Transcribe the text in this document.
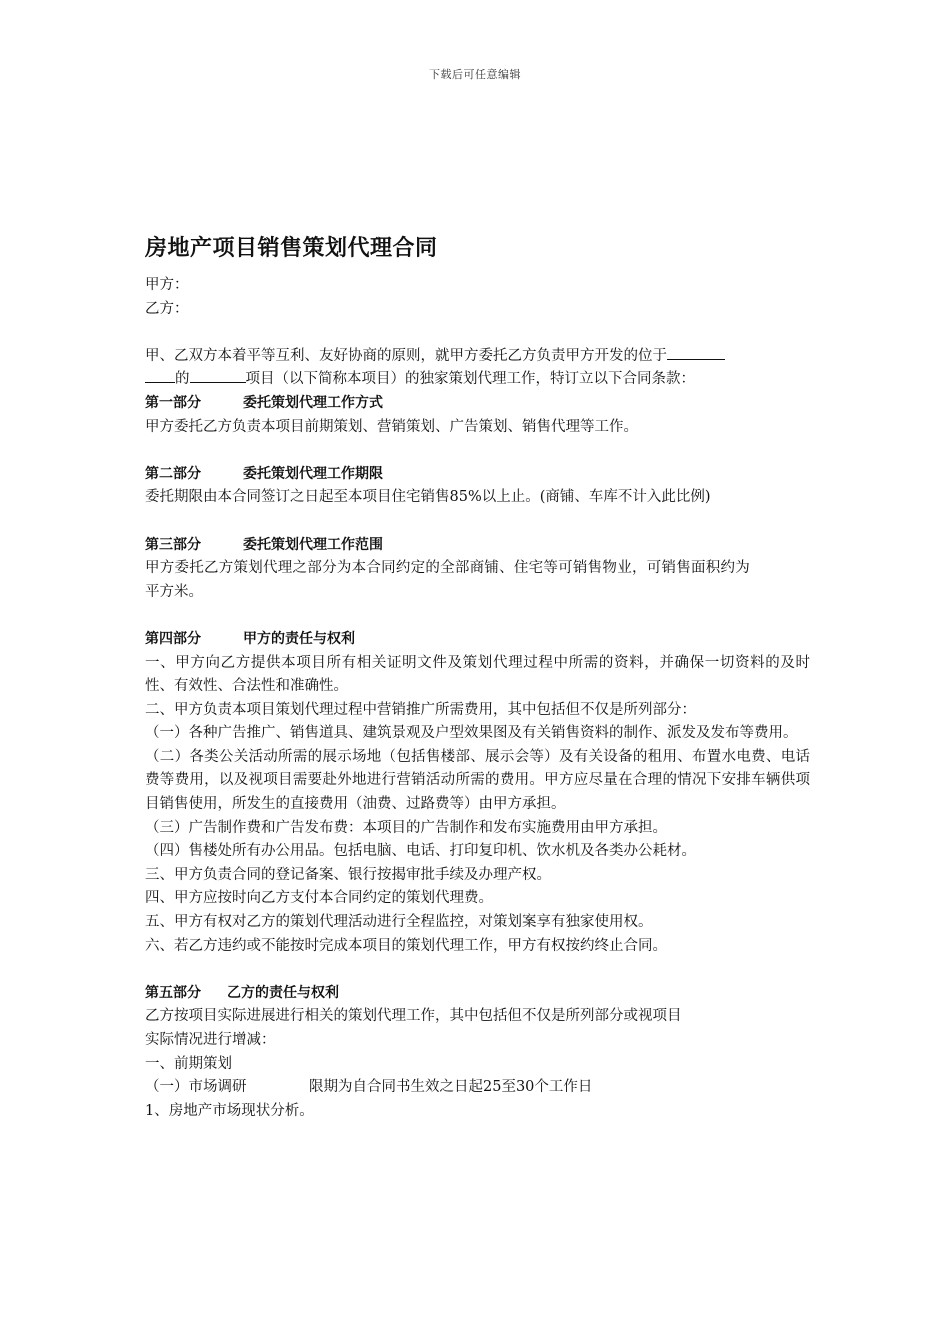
下载后可任意编辑
房地产项目销售策划代理合同
甲方：
乙方：
甲、乙双方本着平等互利、友好协商的原则，就甲方委托乙方负责甲方开发的位于
的	项目（以下简称本项目）的独家策划代理工作，特订立以下合同条款：
第一部分	委托策划代理工作方式
甲方委托乙方负责本项目前期策划、营销策划、广告策划、销售代理等工作。
第二部分	委托策划代理工作期限
委托期限由本合同签订之日起至本项目住宅销售85%以上止。(商铺、车库不计入此比例)
第三部分	委托策划代理工作范围
甲方委托乙方策划代理之部分为本合同约定的全部商铺、住宅等可销售物业，可销售面积约为平方米。
第四部分	甲方的责任与权利
一、甲方向乙方提供本项目所有相关证明文件及策划代理过程中所需的资料，并确保一切资料的及时性、有效性、合法性和准确性。
二、甲方负责本项目策划代理过程中营销推广所需费用，其中包括但不仅是所列部分：
（一）各种广告推广、销售道具、建筑景观及户型效果图及有关销售资料的制作、派发及发布等费用。
（二）各类公关活动所需的展示场地（包括售楼部、展示会等）及有关设备的租用、布置水电费、电话费等费用，以及视项目需要赴外地进行营销活动所需的费用。甲方应尽量在合理的情况下安排车辆供项目销售使用，所发生的直接费用（油费、过路费等）由甲方承担。
（三）广告制作费和广告发布费：本项目的广告制作和发布实施费用由甲方承担。
（四）售楼处所有办公用品。包括电脑、电话、打印复印机、饮水机及各类办公耗材。
三、甲方负责合同的登记备案、银行按揭审批手续及办理产权。
四、甲方应按时向乙方支付本合同约定的策划代理费。
五、甲方有权对乙方的策划代理活动进行全程监控，对策划案享有独家使用权。
六、若乙方违约或不能按时完成本项目的策划代理工作，甲方有权按约终止合同。
第五部分 乙方的责任与权利
乙方按项目实际进展进行相关的策划代理工作，其中包括但不仅是所列部分或视项目
实际情况进行增减：
一、前期策划
（一）市场调研	限期为自合同书生效之日起25至30个工作日
1、房地产市场现状分析。
